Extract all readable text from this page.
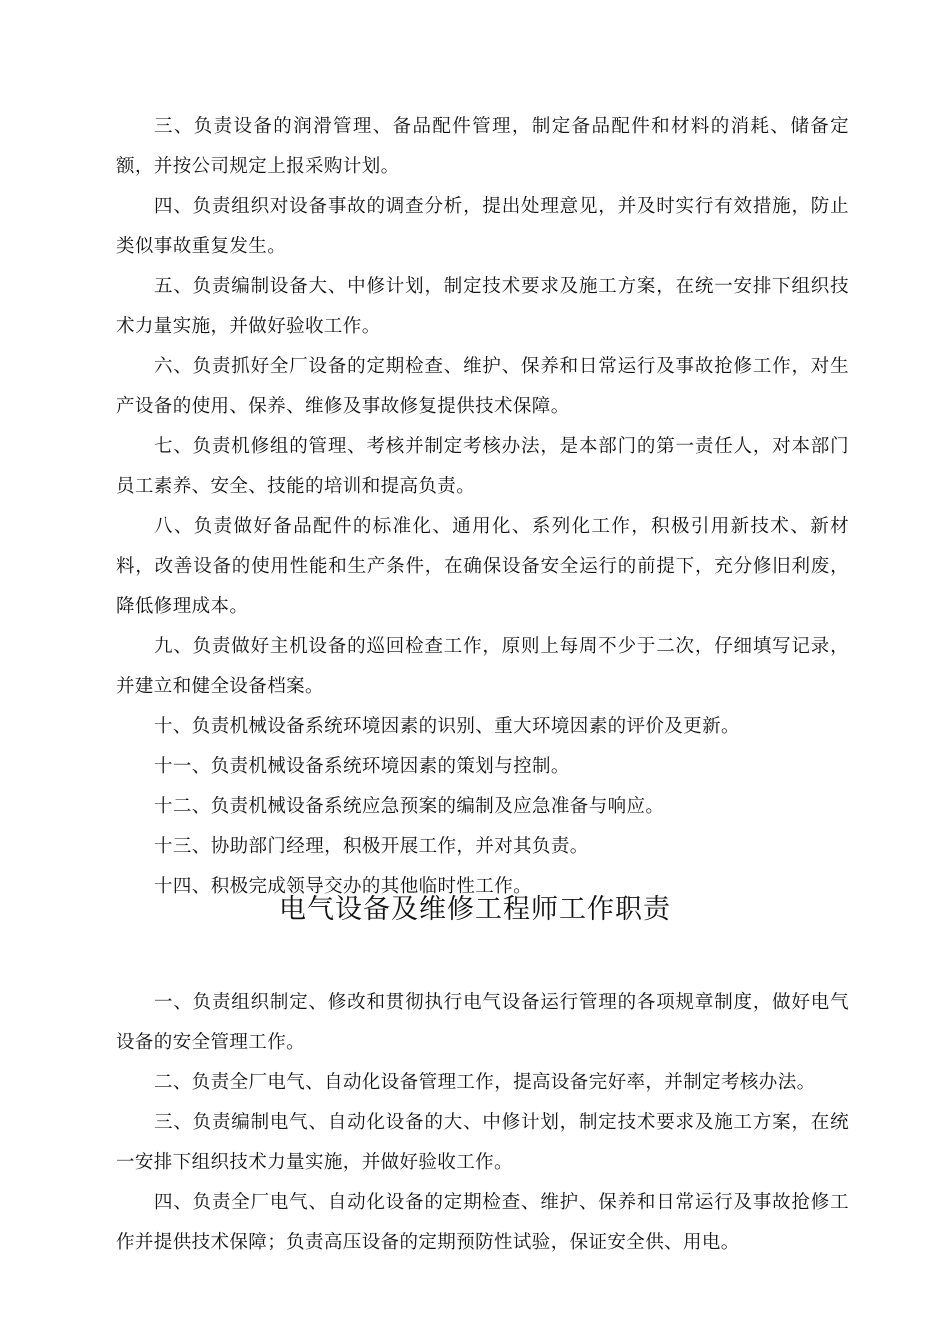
三、负责设备的润滑管理、备品配件管理，制定备品配件和材料的消耗、储备定额，并按公司规定上报采购计划。

四、负责组织对设备事故的调查分析，提出处理意见，并及时实行有效措施，防止类似事故重复发生。

五、负责编制设备大、中修计划，制定技术要求及施工方案，在统一安排下组织技术力量实施，并做好验收工作。

六、负责抓好全厂设备的定期检查、维护、保养和日常运行及事故抢修工作，对生产设备的使用、保养、维修及事故修复提供技术保障。

七、负责机修组的管理、考核并制定考核办法，是本部门的第一责任人，对本部门员工素养、安全、技能的培训和提高负责。

八、负责做好备品配件的标准化、通用化、系列化工作，积极引用新技术、新材料，改善设备的使用性能和生产条件，在确保设备安全运行的前提下，充分修旧利废，降低修理成本。

九、负责做好主机设备的巡回检查工作，原则上每周不少于二次，仔细填写记录，并建立和健全设备档案。

十、负责机械设备系统环境因素的识别、重大环境因素的评价及更新。

十一、负责机械设备系统环境因素的策划与控制。

十二、负责机械设备系统应急预案的编制及应急准备与响应。

十三、协助部门经理，积极开展工作，并对其负责。

十四、积极完成领导交办的其他临时性工作。

电气设备及维修工程师工作职责

一、负责组织制定、修改和贯彻执行电气设备运行管理的各项规章制度，做好电气设备的安全管理工作。

二、负责全厂电气、自动化设备管理工作，提高设备完好率，并制定考核办法。

三、负责编制电气、自动化设备的大、中修计划，制定技术要求及施工方案，在统一安排下组织技术力量实施，并做好验收工作。

四、负责全厂电气、自动化设备的定期检查、维护、保养和日常运行及事故抢修工作并提供技术保障；负责高压设备的定期预防性试验，保证安全供、用电。
